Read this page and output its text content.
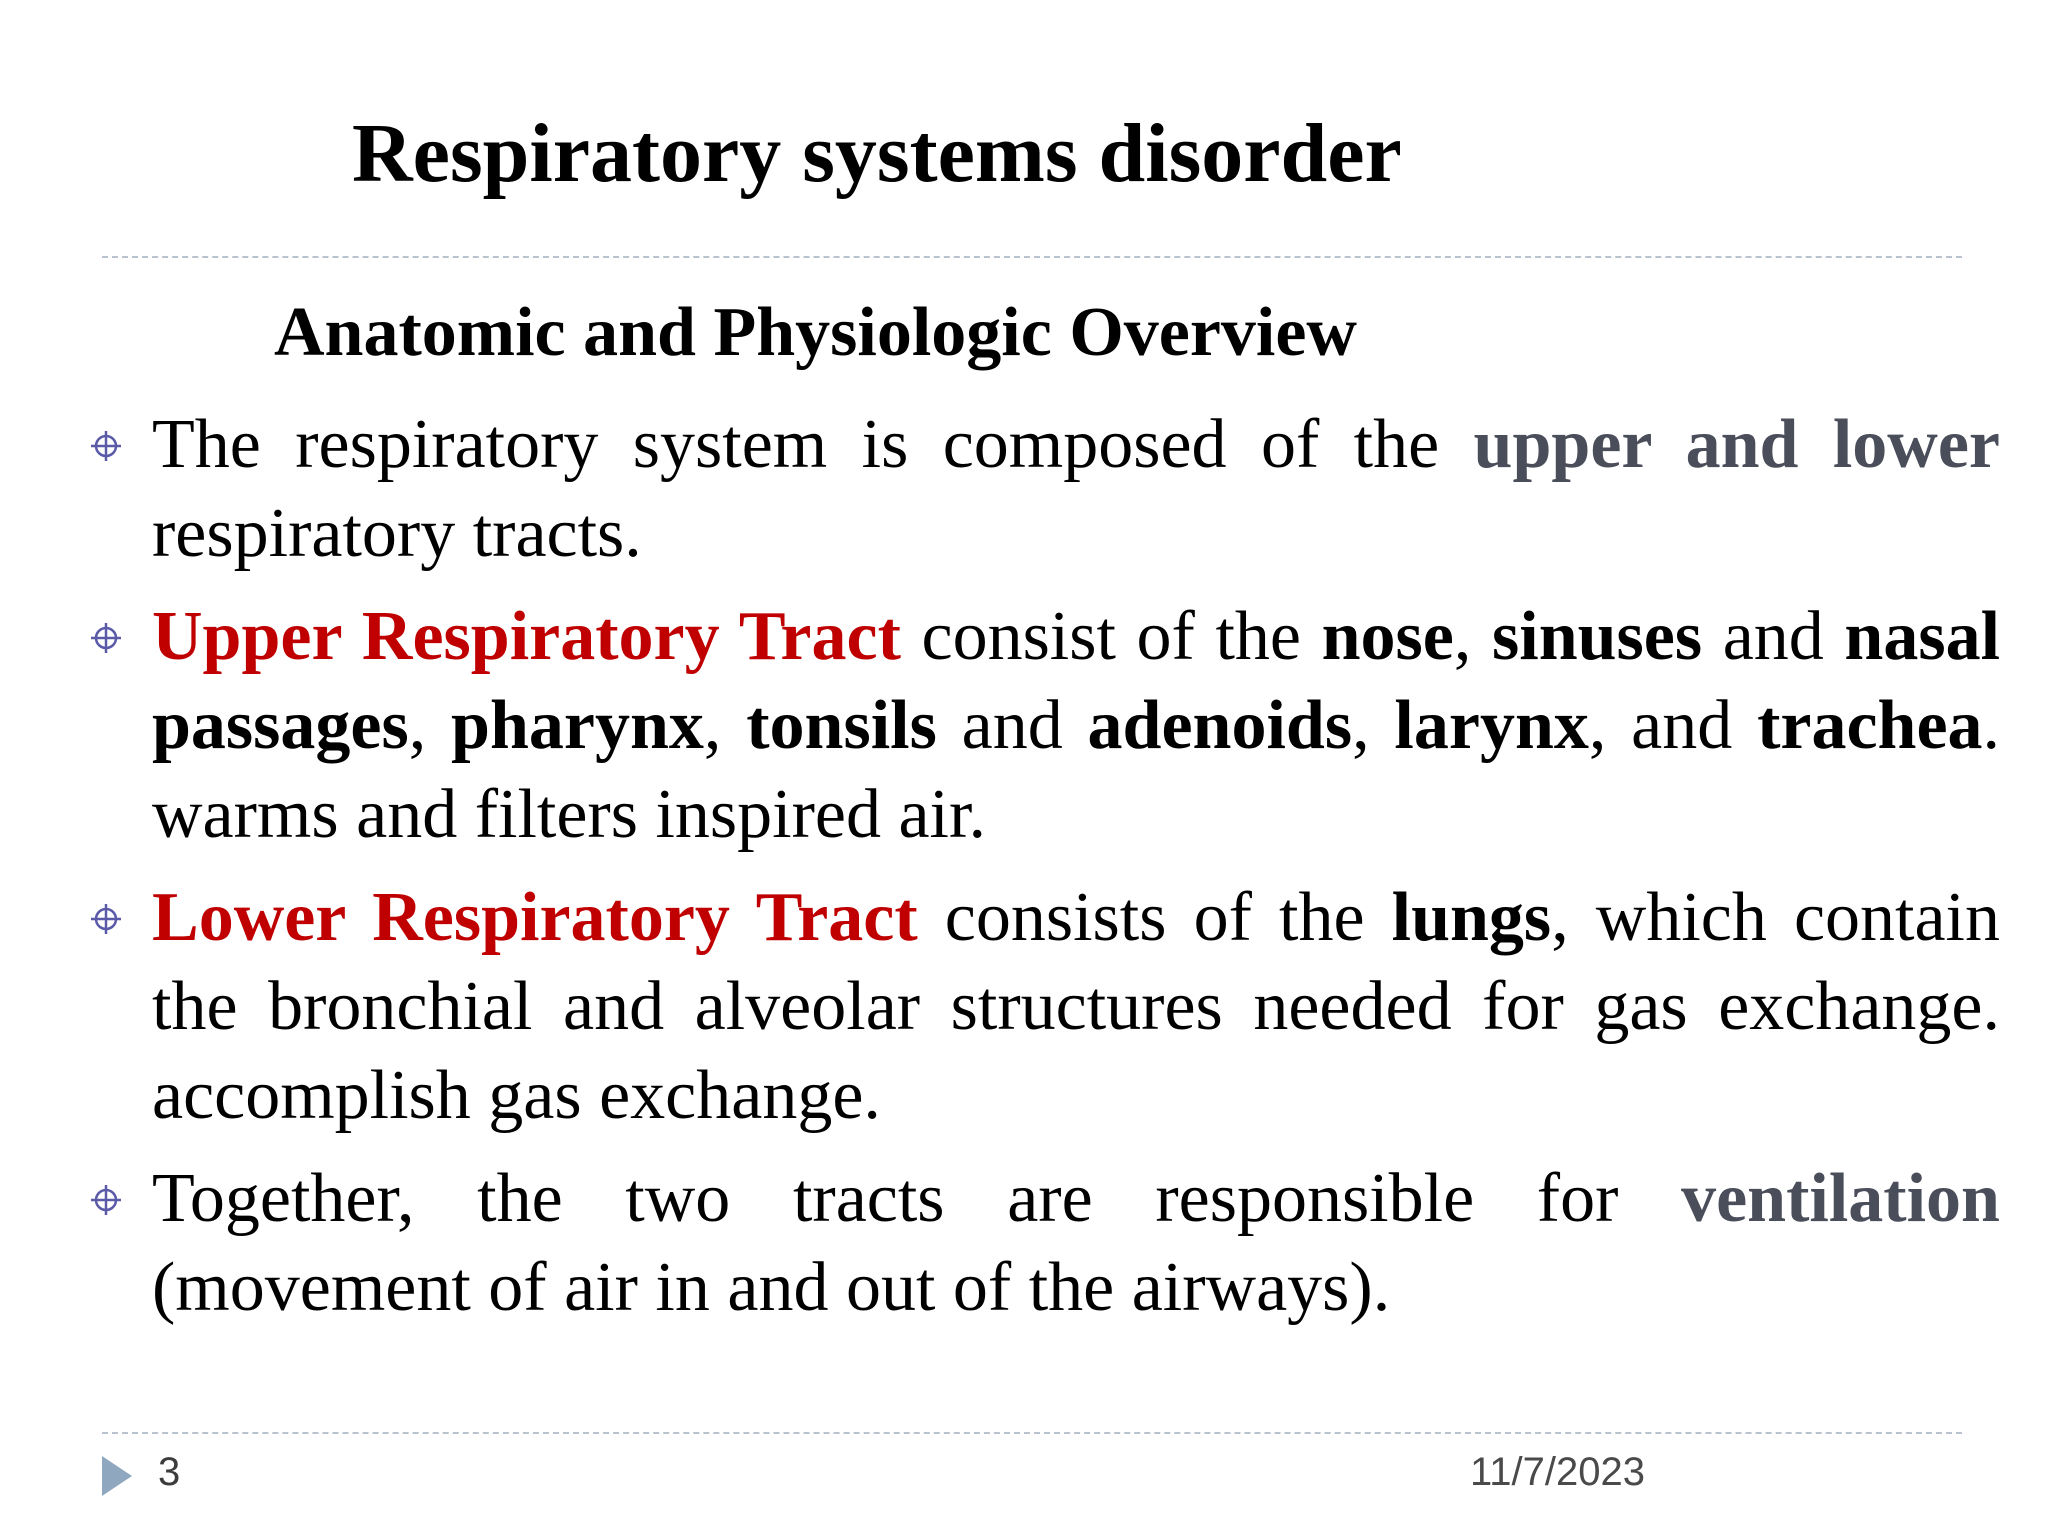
Respiratory systems disorder
Anatomic and Physiologic Overview
The respiratory system is composed of the upper and lower respiratory tracts.
Upper Respiratory Tract consist of the nose, sinuses and nasal passages, pharynx, tonsils and adenoids, larynx, and trachea. warms and filters inspired air.
Lower Respiratory Tract consists of the lungs, which contain the bronchial and alveolar structures needed for gas exchange. accomplish gas exchange.
Together, the two tracts are responsible for ventilation (movement of air in and out of the airways).
3	11/7/2023
